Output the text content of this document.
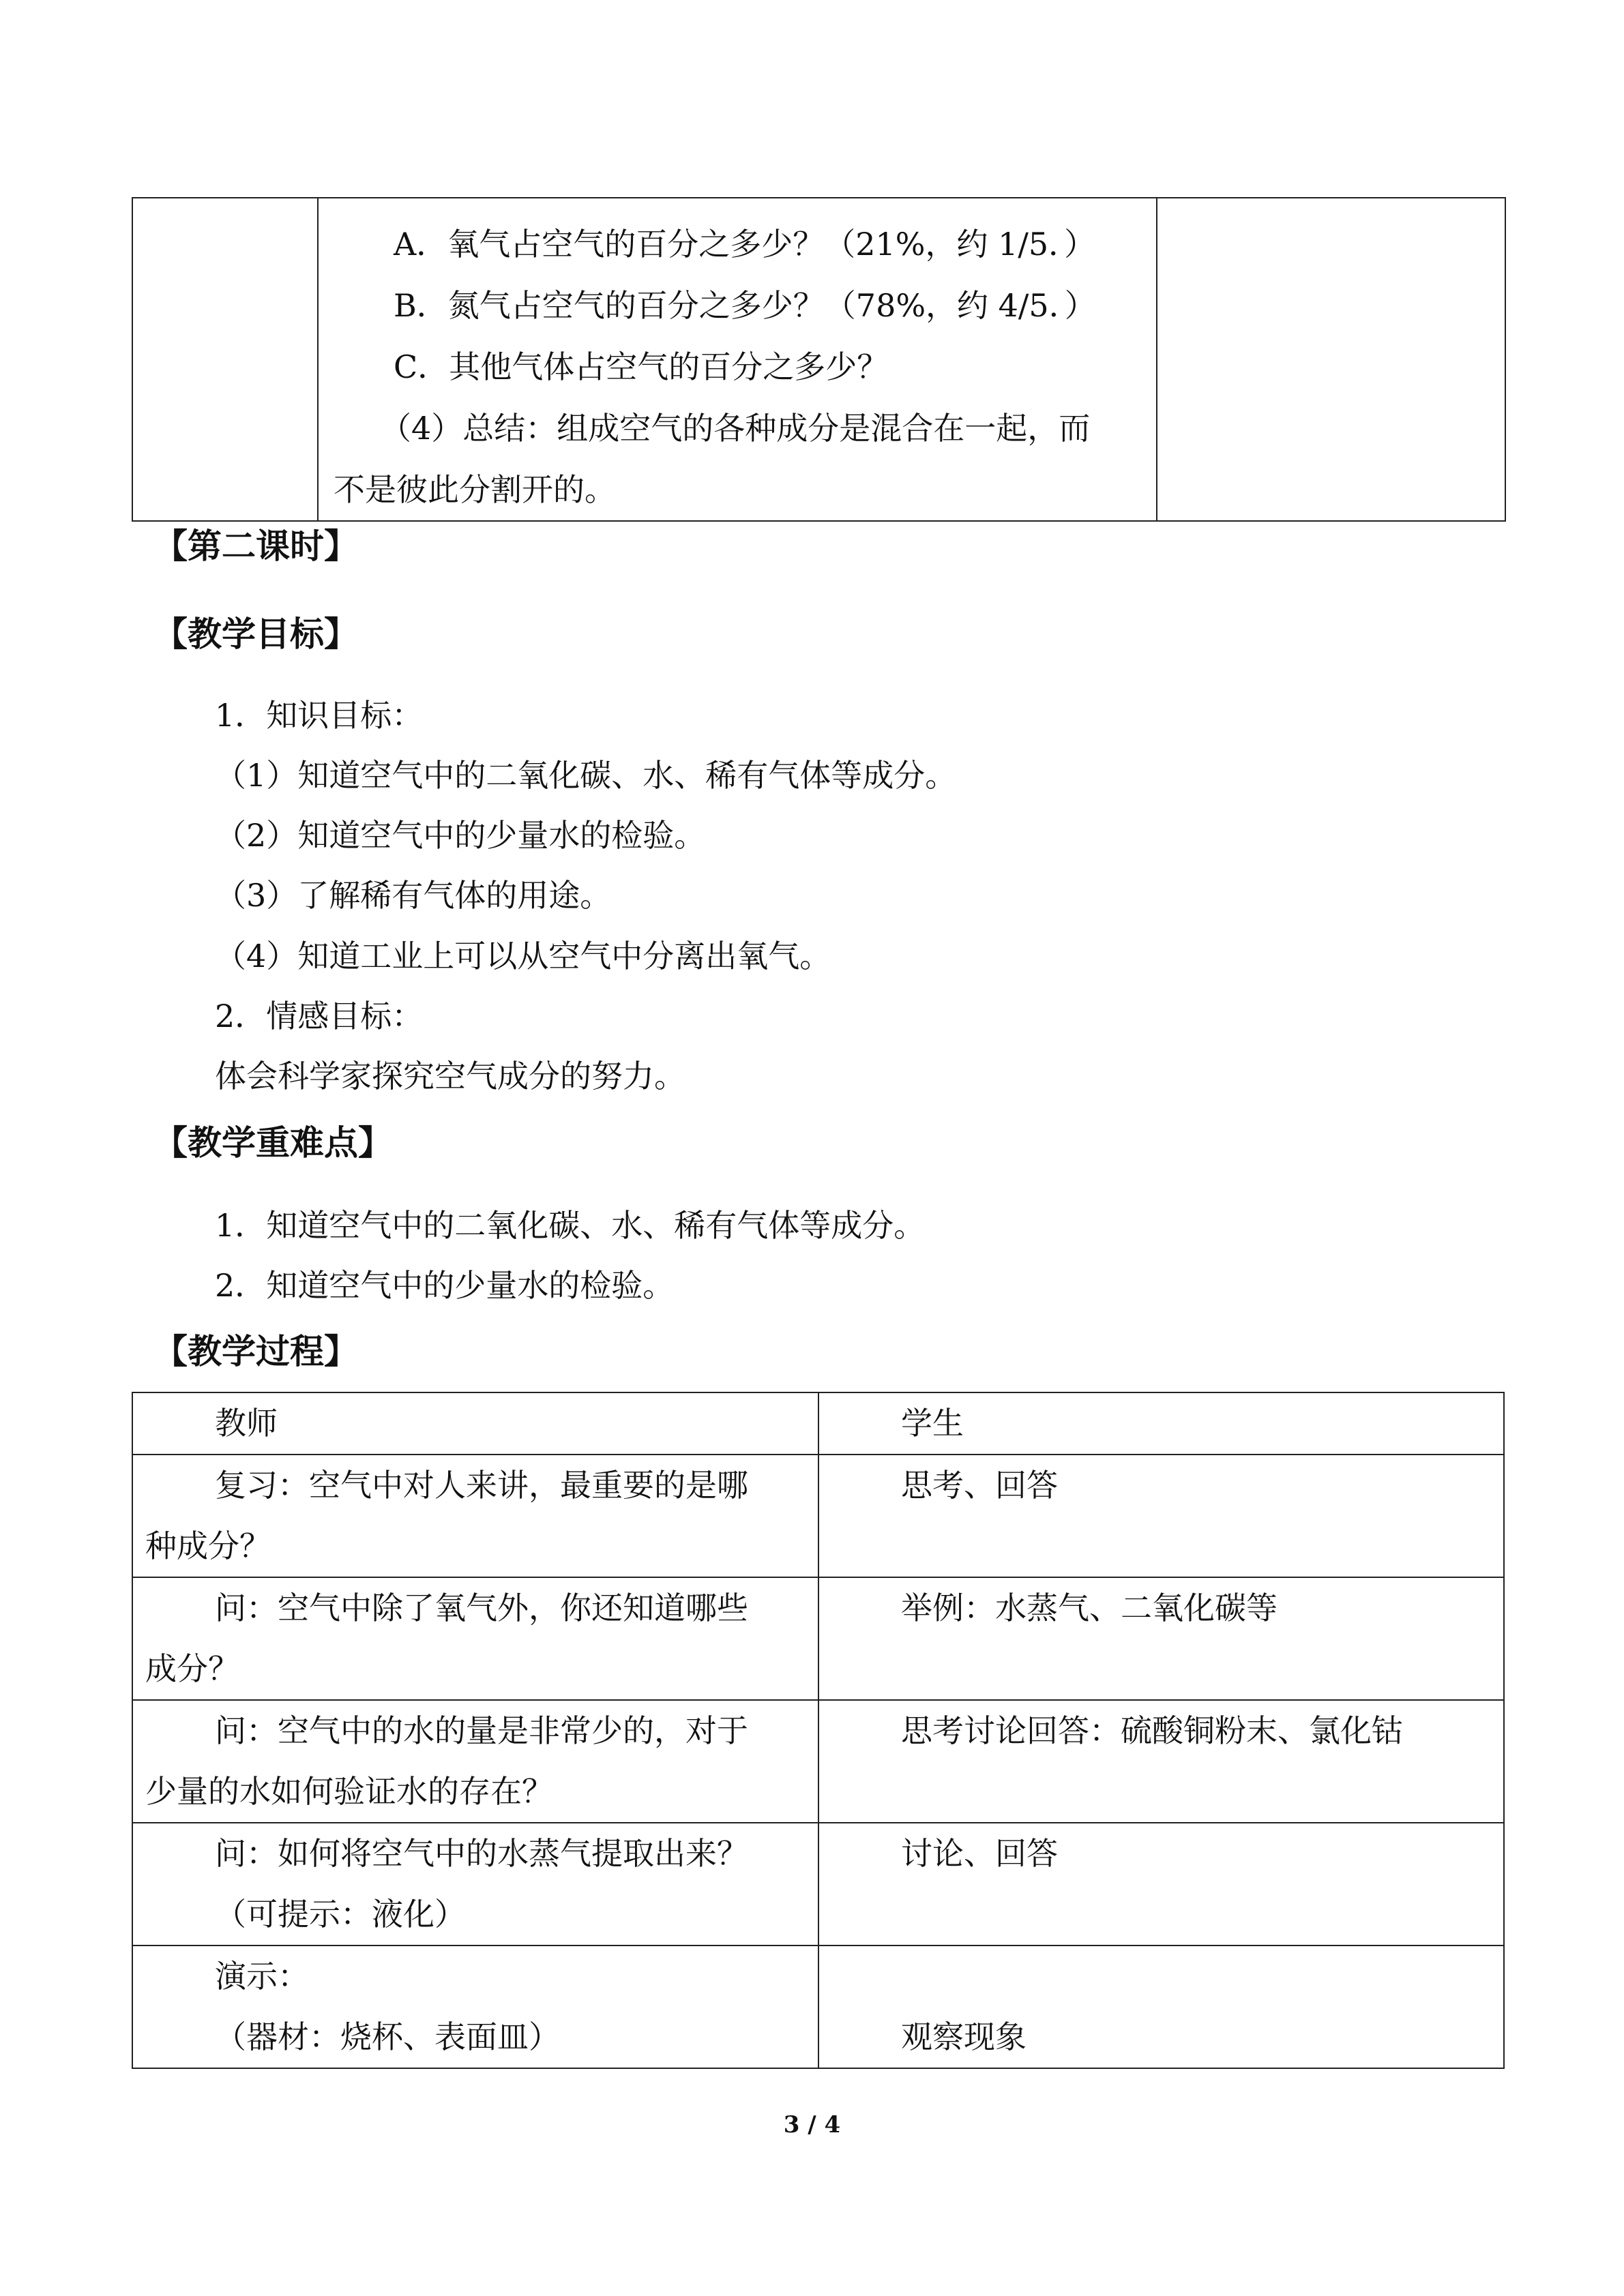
A．氧气占空气的百分之多少？（21%，约 1/5．）

B．氮气占空气的百分之多少？（78%，约 4/5．）

C．其他气体占空气的百分之多少？

（4）总结：组成空气的各种成分是混合在一起，而

不是彼此分割开的。

【第二课时】
【教学目标】
1．知识目标：
（1）知道空气中的二氧化碳、水、稀有气体等成分。
（2）知道空气中的少量水的检验。
（3）了解稀有气体的用途。
（4）知道工业上可以从空气中分离出氧气。
2．情感目标：
体会科学家探究空气成分的努力。
【教学重难点】
1．知道空气中的二氧化碳、水、稀有气体等成分。
2．知道空气中的少量水的检验。
【教学过程】
教师	学生

复习：空气中对人来讲，最重要的是哪
种成分？	思考、回答

问：空气中除了氧气外，你还知道哪些
成分？	举例：水蒸气、二氧化碳等

问：空气中的水的量是非常少的，对于
少量的水如何验证水的存在？	思考讨论回答：硫酸铜粉末、氯化钴

问：如何将空气中的水蒸气提取出来？
（可提示：液化）	讨论、回答

演示：
（器材：烧杯、表面皿）	观察现象
3 / 4
